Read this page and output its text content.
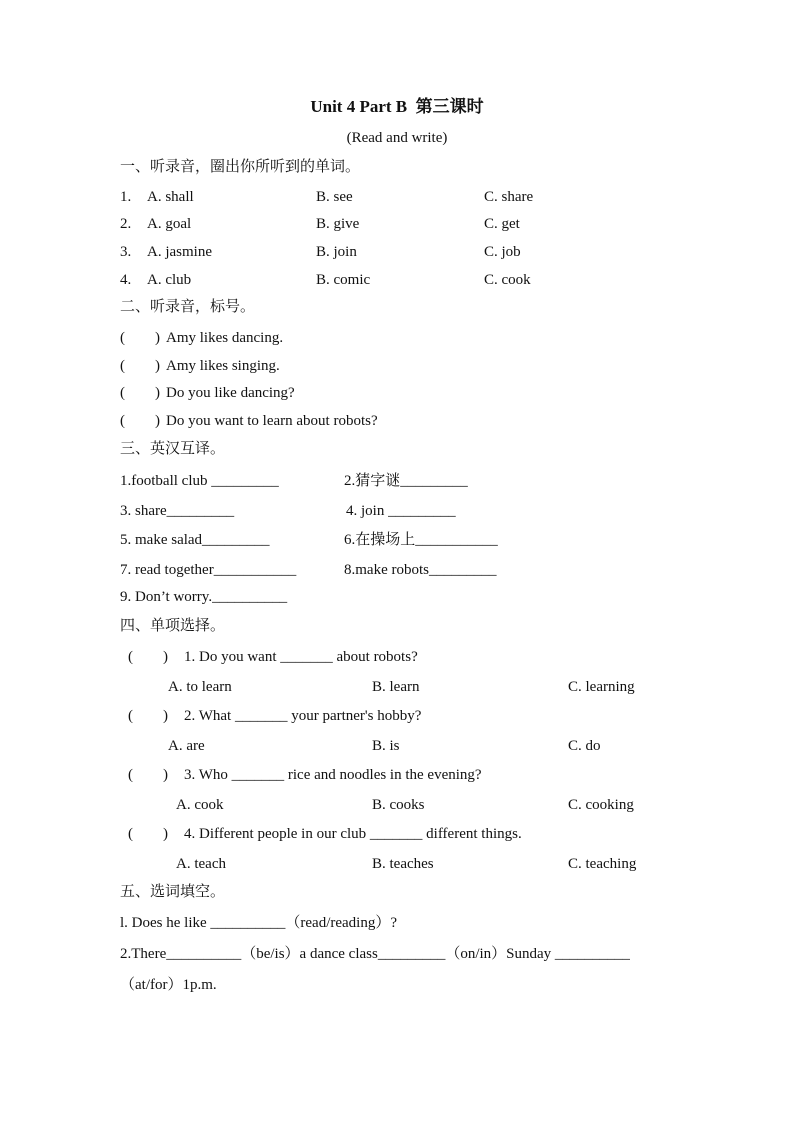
Unit 4 Part B  第三课时
(Read and write)
一、听录音，圈出你所听到的单词。
1. A. shall	B. see	C. share
2. A. goal	B. give	C. get
3. A. jasmine	B. join	C. job
4. A. club	B. comic	C. cook
二、听录音，标号。
(        ) Amy likes dancing.
(        ) Amy likes singing.
(        ) Do you like dancing?
(        ) Do you want to learn about robots?
三、英汉互译。
1.football club _________	2.猜字谜_________
3. share_________	4. join _________
5. make salad_________	6.在操场上___________
7. read together___________	8.make robots_________
9. Don’t worry.__________
四、单项选择。
(        ) 1. Do you want _______ about robots?
A. to learn	B. learn	C. learning
(        ) 2. What _______ your partner's hobby?
A. are	B. is	C. do
(        ) 3. Who _______ rice and noodles in the evening?
A. cook	B. cooks	C. cooking
(        ) 4. Different people in our club _______ different things.
A. teach	B. teaches	C. teaching
五、选词填空。
l. Does he like __________（read/reading）?
2.There__________（be/is）a dance class_________（on/in）Sunday __________
（at/for）1p.m.
